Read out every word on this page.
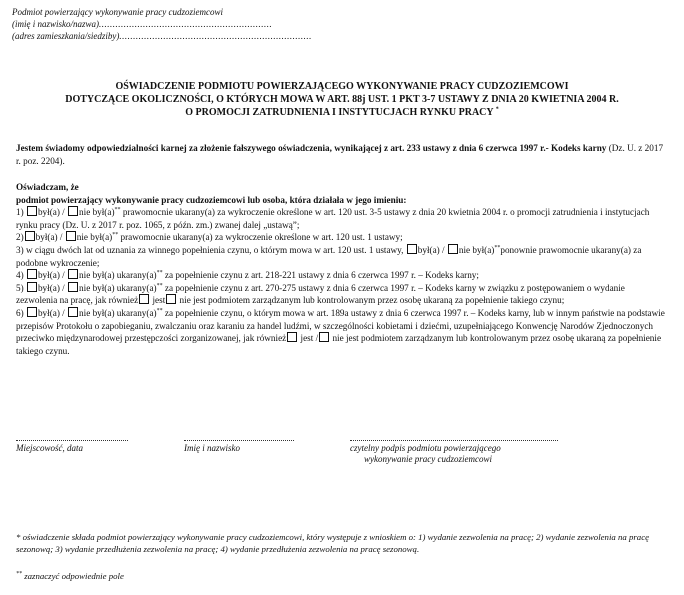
Podmiot powierzający wykonywanie pracy cudzoziemcowi
(imię i nazwisko/nazwa)...............................................................
(adres zamieszkania/siedziby)......................................................................
OŚWIADCZENIE PODMIOTU POWIERZAJĄCEGO WYKONYWANIE PRACY CUDZOZIEMCOWI
DOTYCZĄCE OKOLICZNOŚCI, O KTÓRYCH MOWA W ART. 88j UST. 1 PKT 3-7 USTAWY Z DNIA 20 KWIETNIA 2004 R.
O PROMOCJI ZATRUDNIENIA I INSTYTUCJACH RYNKU PRACY *
Jestem świadomy odpowiedzialności karnej za złożenie fałszywego oświadczenia, wynikającej z art. 233 ustawy z dnia 6 czerwca 1997 r.- Kodeks karny (Dz. U. z 2017 r. poz. 2204).
Oświadczam, że
podmiot powierzający wykonywanie pracy cudzoziemcowi lub osoba, która działała w jego imieniu:
1) był(a) / nie był(a)** prawomocnie ukarany(a) za wykroczenie określone w art. 120 ust. 3-5 ustawy z dnia 20 kwietnia 2004 r. o promocji zatrudnienia i instytucjach rynku pracy (Dz. U. z 2017 r. poz. 1065, z późn. zm.) zwanej dalej „ustawą”;
2) był(a) / nie był(a)** prawomocnie ukarany(a) za wykroczenie określone w art. 120 ust. 1 ustawy;
3) w ciągu dwóch lat od uznania za winnego popełnienia czynu, o którym mowa w art. 120 ust. 1 ustawy, był(a) / nie był(a)**ponownie prawomocnie ukarany(a) za podobne wykroczenie;
4) był(a) / nie był(a) ukarany(a)** za popełnienie czynu z art. 218-221 ustawy z dnia 6 czerwca 1997 r. – Kodeks karny;
5) był(a) / nie był(a) ukarany(a)** za popełnienie czynu z art. 270-275 ustawy z dnia 6 czerwca 1997 r. – Kodeks karny w związku z postępowaniem o wydanie zezwolenia na pracę, jak również jest nie jest podmiotem zarządzanym lub kontrolowanym przez osobę ukaraną za popełnienie takiego czynu;
6) był(a) / nie był(a) ukarany(a)** za popełnienie czynu, o którym mowa w art. 189a ustawy z dnia 6 czerwca 1997 r. – Kodeks karny, lub w innym państwie na podstawie przepisów Protokołu o zapobieganiu, zwalczaniu oraz karaniu za handel ludźmi, w szczególności kobietami i dziećmi, uzupełniającego Konwencję Narodów Zjednoczonych przeciwko międzynarodowej przestępczości zorganizowanej, jak również jest / nie jest podmiotem zarządzanym lub kontrolowanym przez osobę ukaraną za popełnienie takiego czynu.
Miejscowość, data	Imię i nazwisko	czytelny podpis podmiotu powierzającego
wykonywanie pracy cudzoziemcowi
* oświadczenie składa podmiot powierzający wykonywanie pracy cudzoziemcowi, który występuje z wnioskiem o: 1) wydanie zezwolenia na pracę; 2) wydanie zezwolenia na pracę sezonową; 3) wydanie przedłużenia zezwolenia na pracę; 4) wydanie przedłużenia zezwolenia na pracę sezonową.
** zaznaczyć odpowiednie pole
